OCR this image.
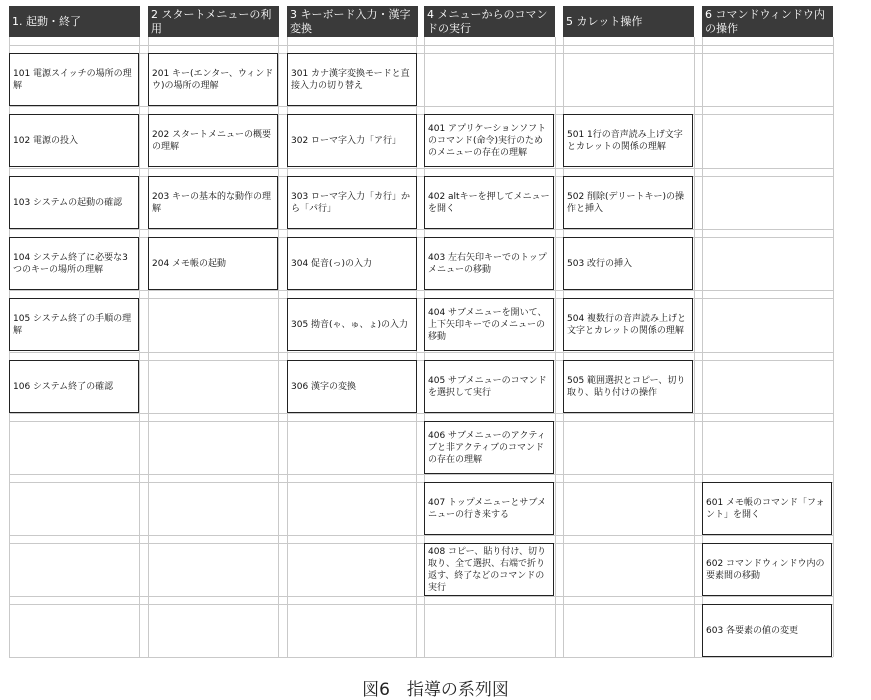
1. 起動・終了	2 スタートメニューの利用
3 キーボード入力・漢字変換
4 メニューからのコマンドの実行
5 カレット操作	6 コマンドウィンドウ内の操作
101 電源スイッチの場所の理解
102 電源の投入
103 システムの起動の確認
104 システム終了に必要な3つのキーの場所の理解
105 システム終了の手順の理解
106 システム終了の確認
201 キー(エンター、ウィンドウ)の場所の理解
202 スタートメニューの概要の理解
203 キーの基本的な動作の理解
204 メモ帳の起動
301 カナ漢字変換モードと直接入力の切り替え
302 ローマ字入力「ア行」
303 ローマ字入力「カ行」から「パ行」
304 促音(っ)の入力
305 拗音(ゃ、ゅ、ょ)の入力
306 漢字の変換
401 アプリケーションソフトのコマンド(命令)実行のためのメニューの存在の理解
402 altキーを押してメニューを開く
403 左右矢印キーでのトップメニューの移動
404 サブメニューを開いて、上下矢印キーでのメニューの移動
405 サブメニューのコマンドを選択して実行
406 サブメニューのアクティブと非アクティブのコマンドの存在の理解
407 トップメニューとサブメニューの行き来する
408 コピー、貼り付け、切り取り、全て選択、右端で折り返す、終了などのコマンドの実行
501 1行の音声読み上げ文字とカレットの関係の理解
502 削除(デリートキー)の操作と挿入
503 改行の挿入
504 複数行の音声読み上げと文字とカレットの関係の理解
505 範囲選択とコピー、切り取り、貼り付けの操作
601 メモ帳のコマンド「フォント」を開く
602 コマンドウィンドウ内の要素間の移動
603 各要素の値の変更
図6　指導の系列図
